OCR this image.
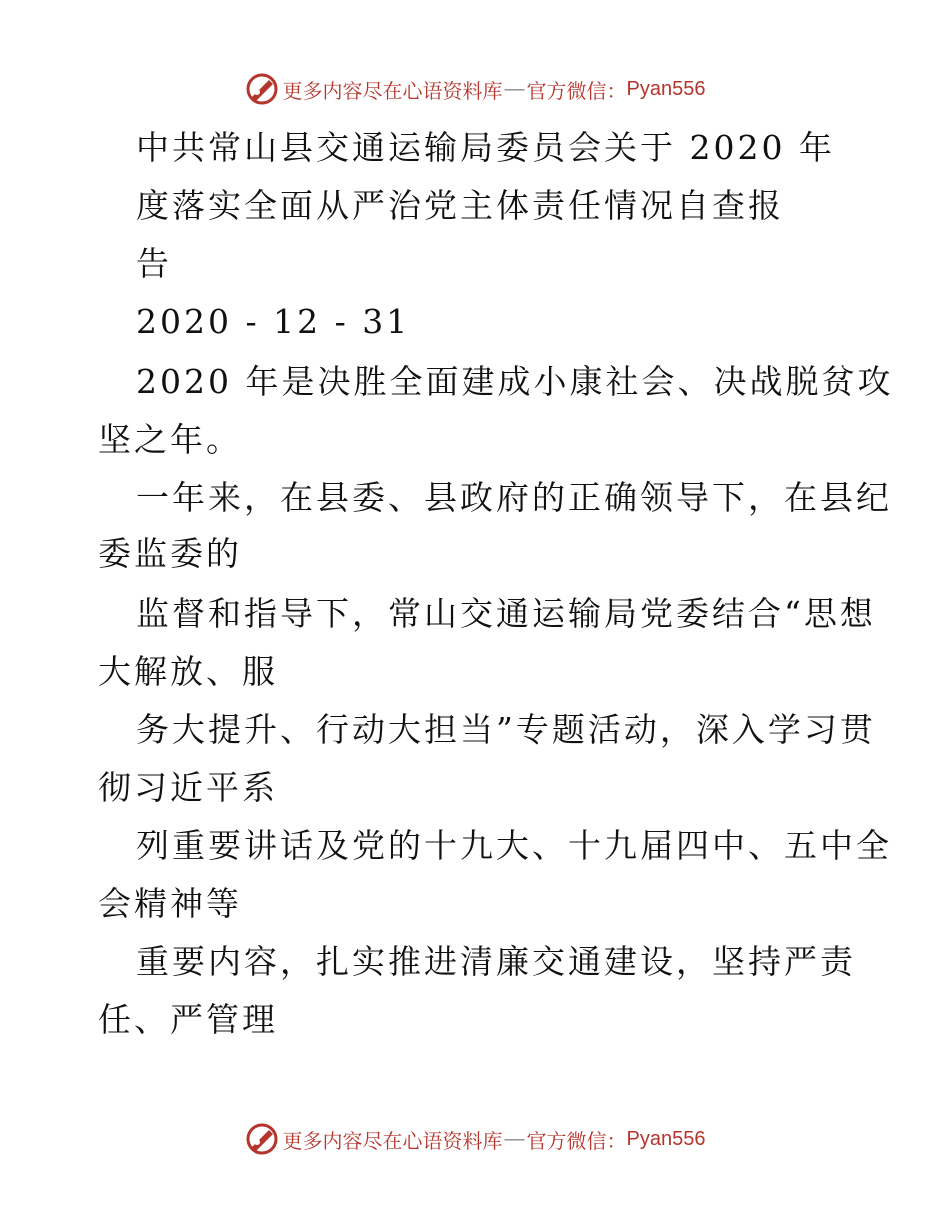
更多内容尽在心语资料库 — 官方微信： Pyan556
中共常山县交通运输局委员会关于 2020 年
度落实全面从严治党主体责任情况自查报
告
2020 - 12 - 31
2020 年是决胜全面建成小康社会、决战脱贫攻
坚之年。
一年来，在县委、县政府的正确领导下，在县纪
委监委的
监督和指导下，常山交通运输局党委结合“思想
大解放、服
务大提升、行动大担当”专题活动，深入学习贯
彻习近平系
列重要讲话及党的十九大、十九届四中、五中全
会精神等
重要内容，扎实推进清廉交通建设，坚持严责
任、严管理
更多内容尽在心语资料库 — 官方微信： Pyan556
